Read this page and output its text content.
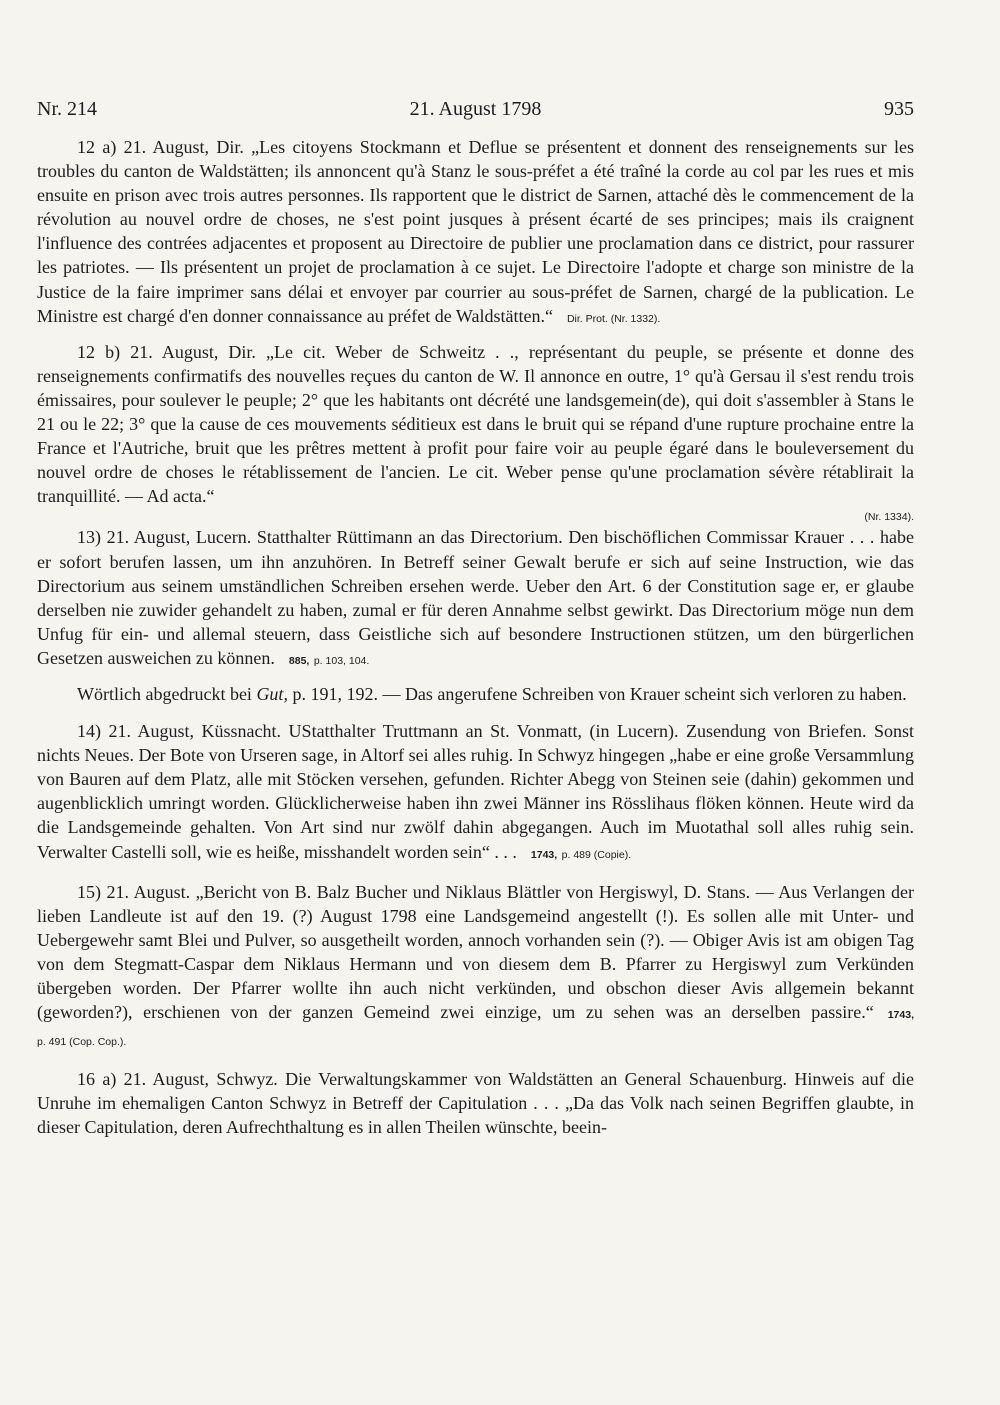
Nr. 214	21. August 1798	935

12 a) 21. August, Dir. „Les citoyens Stockmann et Deflue se présentent et donnent des renseignements sur les troubles du canton de Waldstätten; ils annoncent qu'à Stanz le sous-préfet a été traîné la corde au col par les rues et mis ensuite en prison avec trois autres personnes. Ils rapportent que le district de Sarnen, attaché dès le commencement de la révolution au nouvel ordre de choses, ne s'est point jusques à présent écarté de ses principes; mais ils craignent l'influence des contrées adjacentes et proposent au Directoire de publier une proclamation dans ce district, pour rassurer les patriotes. — Ils présentent un projet de proclamation à ce sujet. Le Directoire l'adopte et charge son ministre de la Justice de la faire imprimer sans délai et envoyer par courrier au sous-préfet de Sarnen, chargé de la publication. Le Ministre est chargé d'en donner connaissance au préfet de Waldstätten.“ Dir. Prot. (Nr. 1332).

12 b) 21. August, Dir. „Le cit. Weber de Schweitz . ., représentant du peuple, se présente et donne des renseignements confirmatifs des nouvelles reçues du canton de W. Il annonce en outre, 1° qu'à Gersau il s'est rendu trois émissaires, pour soulever le peuple; 2° que les habitants ont décrété une landsgemein(de), qui doit s'assembler à Stans le 21 ou le 22; 3° que la cause de ces mouvements séditieux est dans le bruit qui se répand d'une rupture prochaine entre la France et l'Autriche, bruit que les prêtres mettent à profit pour faire voir au peuple égaré dans le bouleversement du nouvel ordre de choses le rétablissement de l'ancien. Le cit. Weber pense qu'une proclamation sévère rétablirait la tranquillité. — Ad acta.“

(Nr. 1334).

13) 21. August, Lucern. Statthalter Rüttimann an das Directorium. Den bischöflichen Commissar Krauer . . . habe er sofort berufen lassen, um ihn anzuhören. In Betreff seiner Gewalt berufe er sich auf seine Instruction, wie das Directorium aus seinem umständlichen Schreiben ersehen werde. Ueber den Art. 6 der Constitution sage er, er glaube derselben nie zuwider gehandelt zu haben, zumal er für deren Annahme selbst gewirkt. Das Directorium möge nun dem Unfug für ein- und allemal steuern, dass Geistliche sich auf besondere Instructionen stützen, um den bürgerlichen Gesetzen ausweichen zu können. 885, p. 103, 104.

Wörtlich abgedruckt bei Gut, p. 191, 192. — Das angerufene Schreiben von Krauer scheint sich verloren zu haben.

14) 21. August, Küssnacht. UStatthalter Truttmann an St. Vonmatt, (in Lucern). Zusendung von Briefen. Sonst nichts Neues. Der Bote von Urseren sage, in Altorf sei alles ruhig. In Schwyz hingegen „habe er eine große Versammlung von Bauren auf dem Platz, alle mit Stöcken versehen, gefunden. Richter Abegg von Steinen seie (dahin) gekommen und augenblicklich umringt worden. Glücklicherweise haben ihn zwei Männer ins Rösslihaus flöken können. Heute wird da die Landsgemeinde gehalten. Von Art sind nur zwölf dahin abgegangen. Auch im Muotathal soll alles ruhig sein. Verwalter Castelli soll, wie es heiße, misshandelt worden sein“ . . . 1743, p. 489 (Copie).

15) 21. August. „Bericht von B. Balz Bucher und Niklaus Blättler von Hergiswyl, D. Stans. — Aus Verlangen der lieben Landleute ist auf den 19. (?) August 1798 eine Landsgemeind angestellt (!). Es sollen alle mit Unter- und Uebergewehr samt Blei und Pulver, so ausgetheilt worden, annoch vorhanden sein (?). — Obiger Avis ist am obigen Tag von dem Stegmatt-Caspar dem Niklaus Hermann und von diesem dem B. Pfarrer zu Hergiswyl zum Verkünden übergeben worden. Der Pfarrer wollte ihn auch nicht verkünden, und obschon dieser Avis allgemein bekannt (geworden?), erschienen von der ganzen Gemeind zwei einzige, um zu sehen was an derselben passire.“ 1743, p. 491 (Cop. Cop.).

16 a) 21. August, Schwyz. Die Verwaltungskammer von Waldstätten an General Schauenburg. Hinweis auf die Unruhe im ehemaligen Canton Schwyz in Betreff der Capitulation . . . „Da das Volk nach seinen Begriffen glaubte, in dieser Capitulation, deren Aufrechthaltung es in allen Theilen wünschte, beein-
